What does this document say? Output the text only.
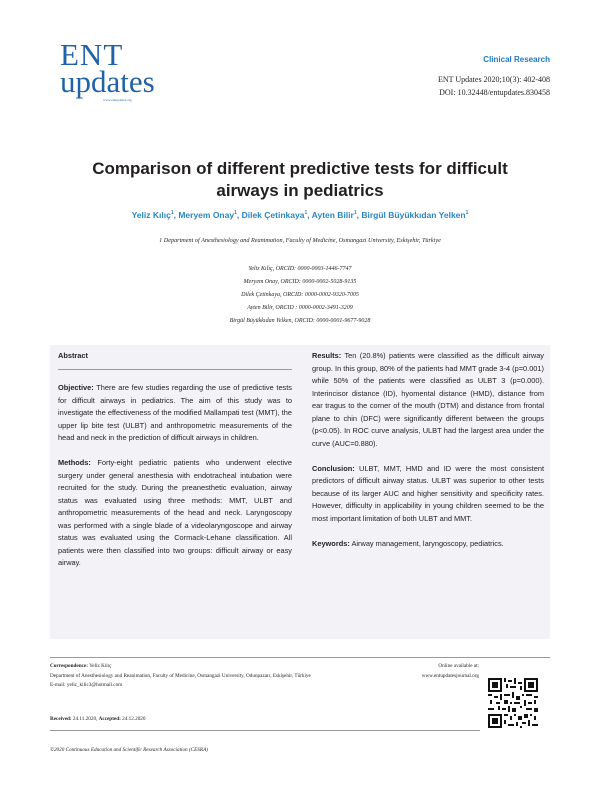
ENT
updates
www.entupdates.org
Clinical Research
ENT Updates 2020;10(3): 402-408
DOI: 10.32448/entupdates.830458
Comparison of different predictive tests for difficult
airways in pediatrics
Yeliz Kılıç$^1$, Meryem Onay$^1$, Dilek Çetinkaya$^1$, Ayten Bilir$^1$, Birgül Büyükkıdan Yelken$^1$
1 Department of Anesthesiology and Reanimation, Faculty of Medicine, Osmangazi University, Eskişehir, Türkiye
Yeliz Kılıç, ORCID: 0000-0003-1446-7747
Meryem Onay, ORCID: 0000-0002-5028-9135
Dilek Çetinkaya, ORCID: 0000-0002-9320-7005
Ayten Bilir, ORCID : 0000-0002-3491-3209
Birgül Büyükkıdan Yelken, ORCID: 0000-0001-9677-9028

Abstract

Objective: There are few studies regarding the use of predictive tests for difficult airways in pediatrics. The aim of this study was to investigate the effectiveness of the modified Mallampati test (MMT), the upper lip bite test (ULBT) and anthropometric measurements of the head and neck in the prediction of difficult airways in children.

Methods: Forty-eight pediatric patients who underwent elective surgery under general anesthesia with endotracheal intubation were recruited for the study. During the preanesthetic evaluation, airway status was evaluated using three methods: MMT, ULBT and anthropometric measurements of the head and neck. Laryngoscopy was performed with a single blade of a videolaryngoscope and airway status was evaluated using the Cormack-Lehane classification. All patients were then classified into two groups: difficult airway or easy airway.

Results: Ten (20.8%) patients were classified as the difficult airway group. In this group, 80% of the patients had MMT grade 3-4 (p=0.001) while 50% of the patients were classified as ULBT 3 (p=0.000). Interincisor distance (ID), hyomental distance (HMD), distance from ear tragus to the corner of the mouth (DTM) and distance from frontal plane to chin (DFC) were significantly different between the groups (p<0.05). In ROC curve analysis, ULBT had the largest area under the curve (AUC=0.880).

Conclusion: ULBT, MMT, HMD and ID were the most consistent predictors of difficult airway status. ULBT was superior to other tests because of its larger AUC and higher sensitivity and specificity rates. However, difficulty in applicability in young children seemed to be the most important limitation of both ULBT and MMT.

Keywords: Airway management, laryngoscopy, pediatrics.

Correspondence: Yeliz Kılıç
Department of Anesthesiology and Reanimation, Faculty of Medicine, Osmangazi University, Odunpazarı, Eskişehir, Türkiye
E-mail: yeliz_kilic3@hotmail.com
Online available at:
www.entupdatesjournal.org
Received: 24.11.2020, Accepted: 24.12.2020
©2020 Continuous Education and Scientific Research Association (CESRA)
